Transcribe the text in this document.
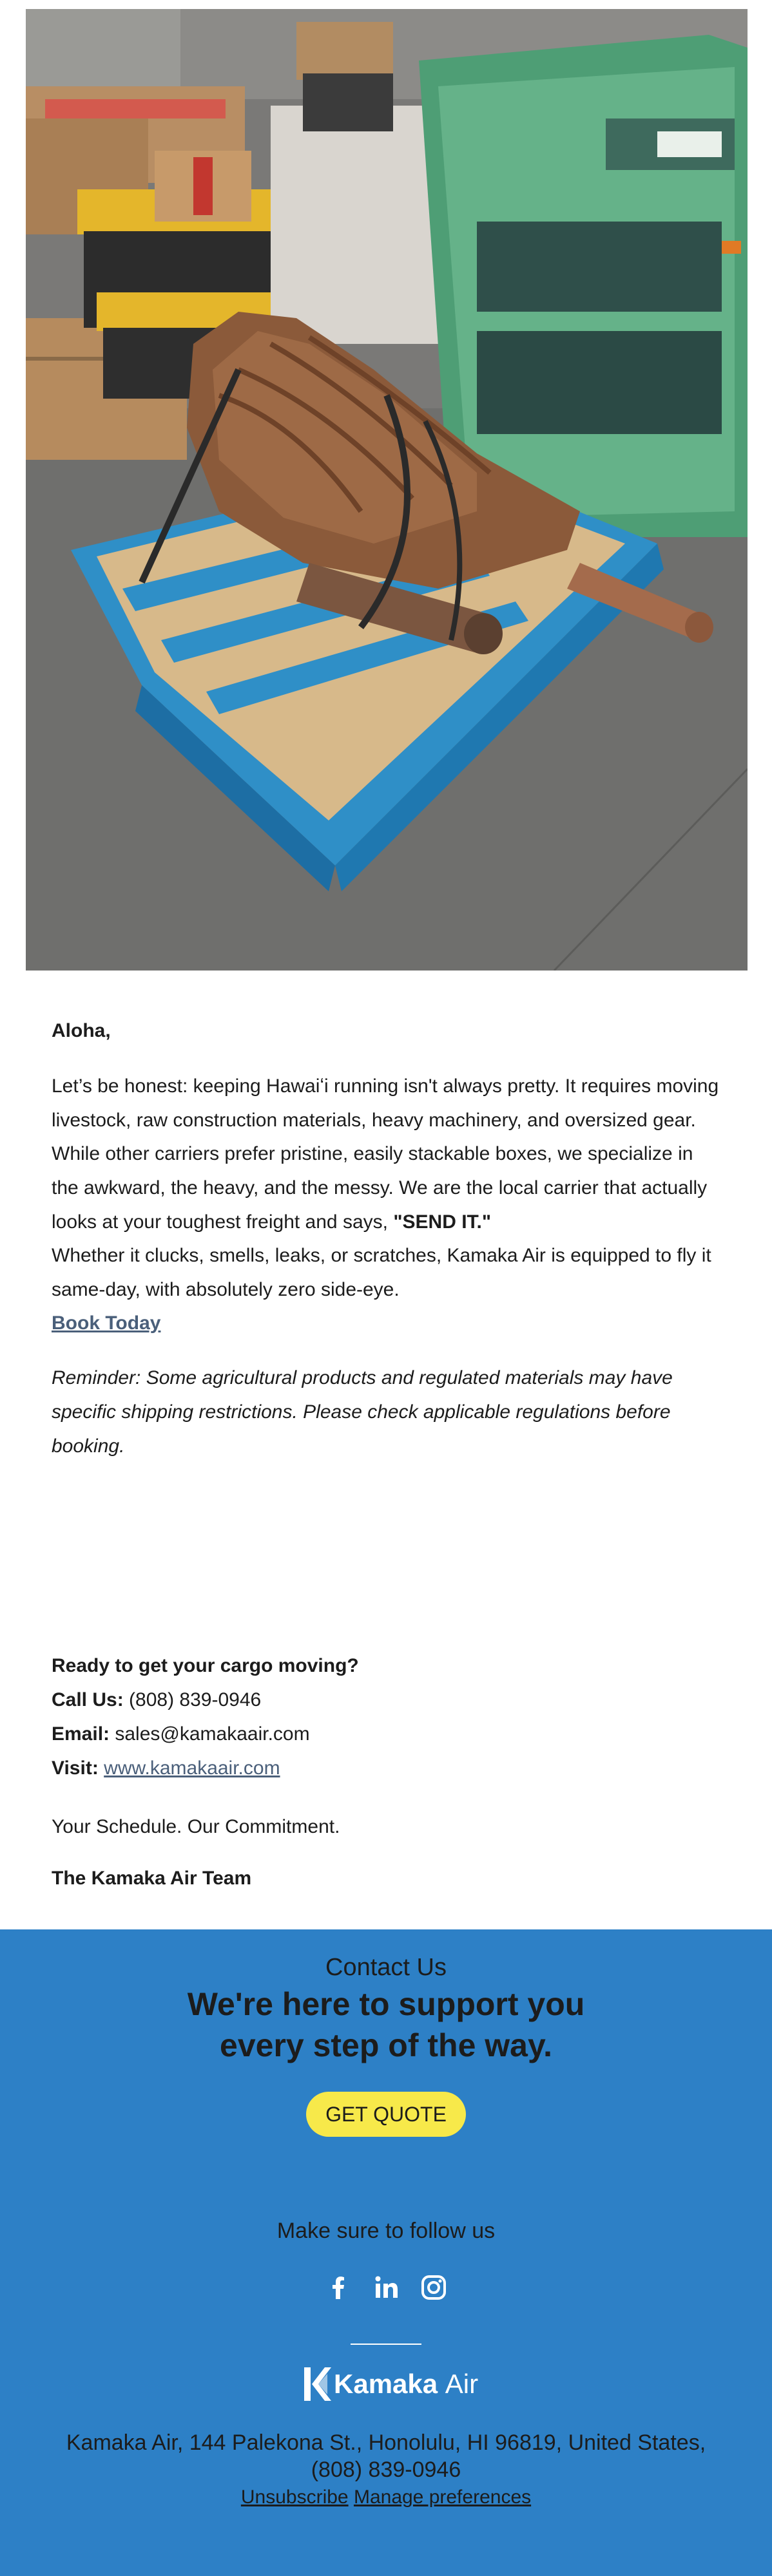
Aloha,

Let’s be honest: keeping Hawaiʻi running isn't always pretty. It requires moving livestock, raw construction materials, heavy machinery, and oversized gear.

While other carriers prefer pristine, easily stackable boxes, we specialize in the awkward, the heavy, and the messy. We are the local carrier that actually looks at your toughest freight and says, "SEND IT."

Whether it clucks, smells, leaks, or scratches, Kamaka Air is equipped to fly it same-day, with absolutely zero side-eye.

Book Today

Reminder: Some agricultural products and regulated materials may have specific shipping restrictions. Please check applicable regulations before booking.

Ready to get your cargo moving?

Call Us: (808) 839-0946

Email: sales@kamakaair.com

Visit: www.kamakaair.com

Your Schedule. Our Commitment.

The Kamaka Air Team

Contact Us
We're here to support you
every step of the way.
GET QUOTE
Make sure to follow us
Kamaka Air
Kamaka Air, 144 Palekona St., Honolulu, HI 96819, United States, (808) 839-0946
Unsubscribe Manage preferences
